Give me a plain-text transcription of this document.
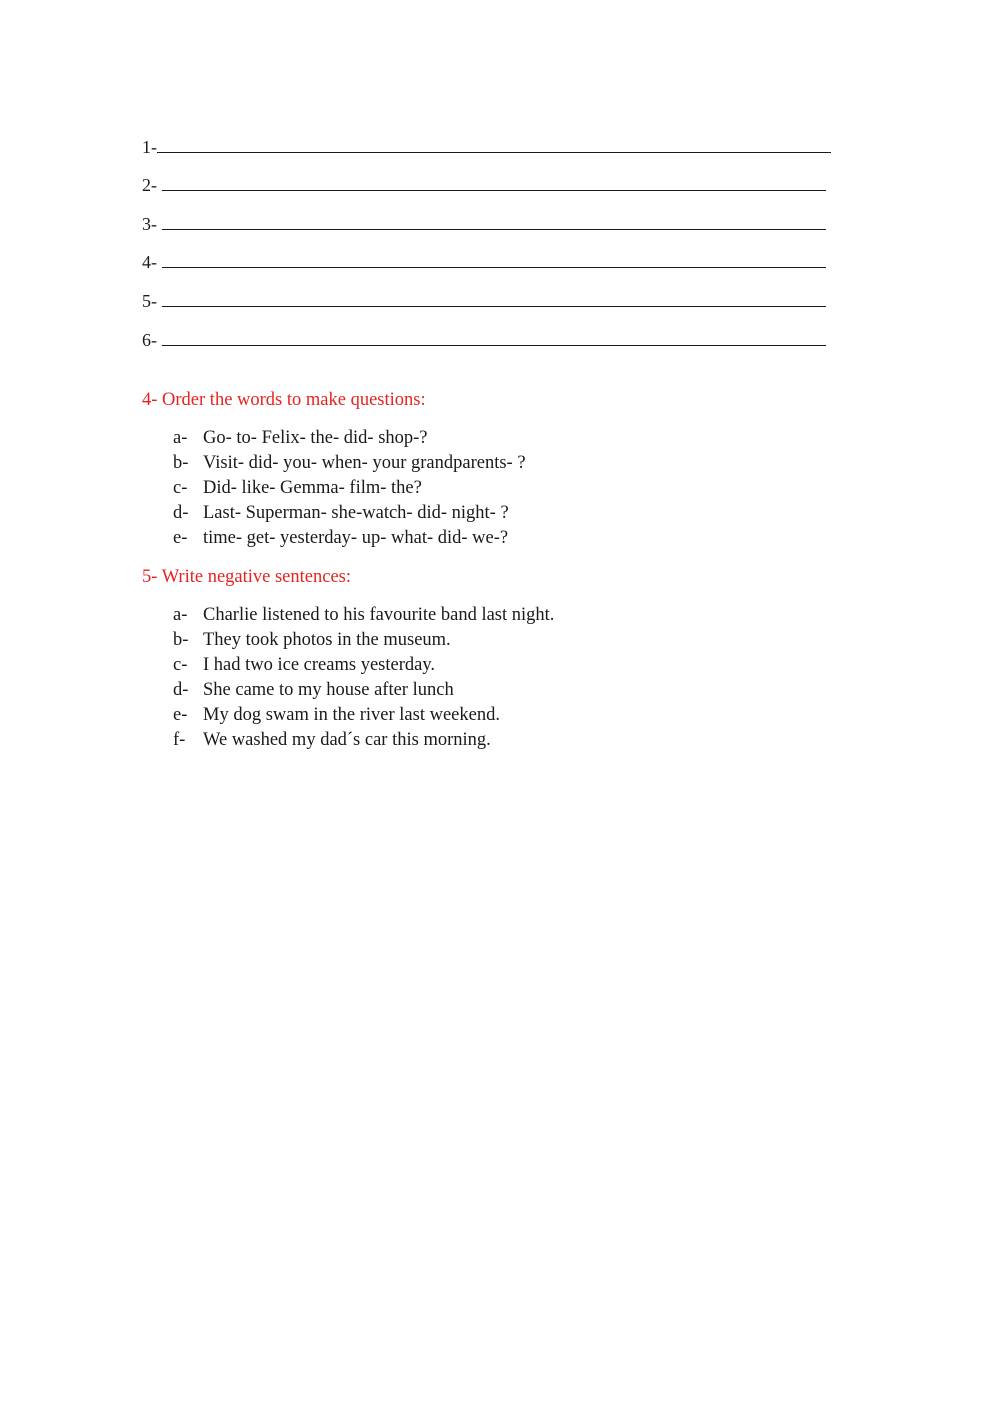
1-
2-
3-
4-
5-
6-
4- Order the words to make questions:
a- Go- to- Felix- the- did- shop-?
b- Visit- did- you- when- your grandparents- ?
c- Did- like- Gemma- film- the?
d- Last- Superman- she-watch- did- night- ?
e- time- get- yesterday- up- what- did- we-?
5- Write negative sentences:
a- Charlie listened to his favourite band last night.
b- They took photos in the museum.
c- I had two ice creams yesterday.
d- She came to my house after lunch
e- My dog swam in the river last weekend.
f- We washed my dad´s car this morning.
